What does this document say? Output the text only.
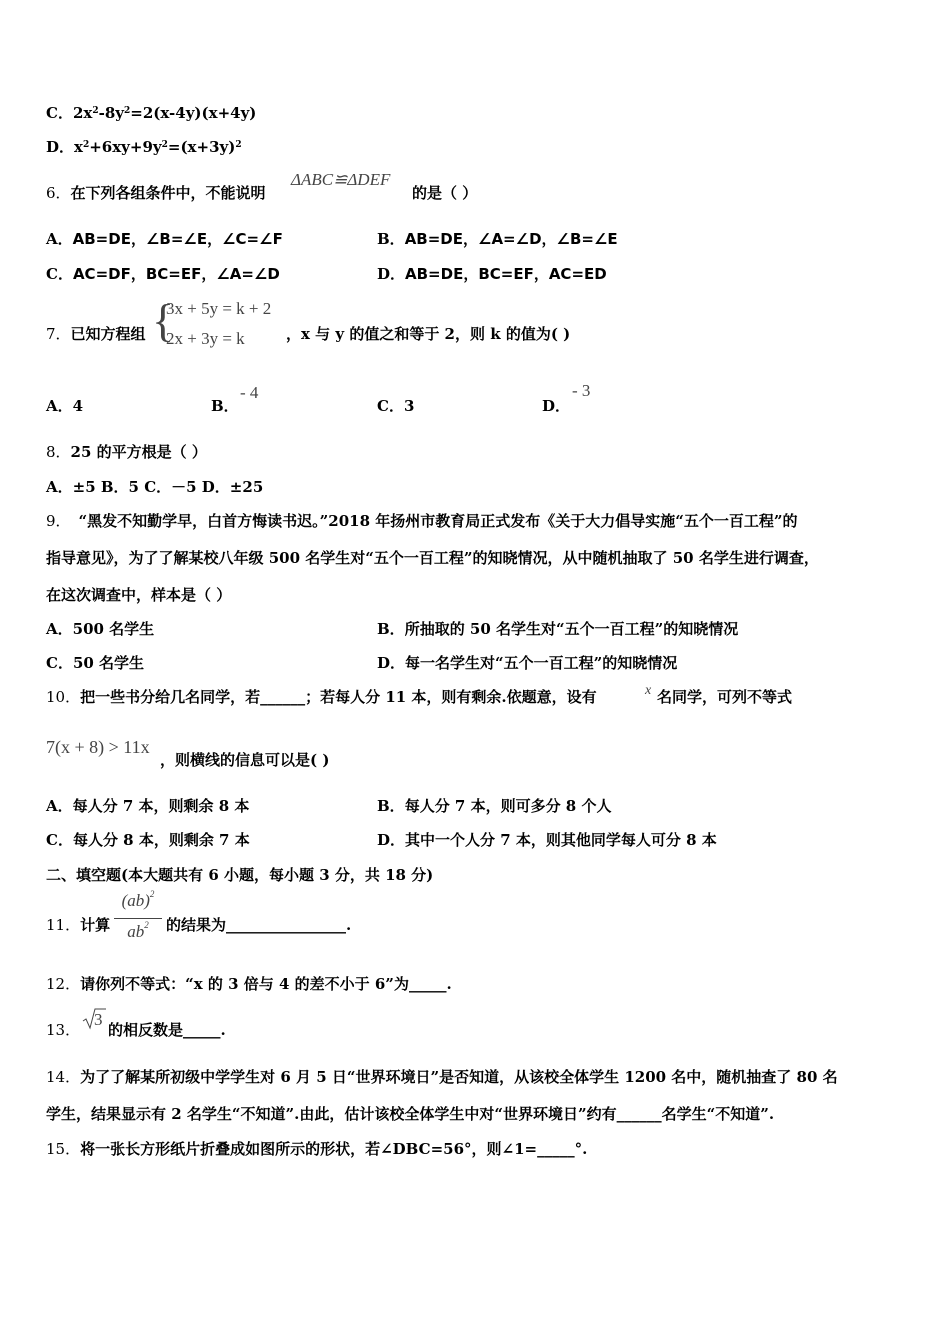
C．$2x^2-8y^2=2(x-4y)(x+4y)$
D．$x^2+6xy+9y^2=(x+3y)^2$
6．在下列各组条件中，不能说明
ΔABC≌ΔDEF
的是（ ）
A．AB=DE，∠B=∠E，∠C=∠F	B．AB=DE，∠A=∠D，∠B=∠E
C．AC=DF，BC=EF，∠A=∠D	D．AB=DE，BC=EF，AC=ED
7．已知方程组 {
3x + 5y = k + 2
2x + 3y = k	，x 与 y 的值之和等于 2，则 k 的值为( )
A．4	B．
- 4
C．3	D．
- 3
8．25 的平方根是（ ）
A．±5 B．5 C．－5 D．±25
9． “黑发不知勤学早，白首方悔读书迟。”2018 年扬州市教育局正式发布《关于大力倡导实施“五个一百工程”的
指导意见》，为了了解某校八年级 500 名学生对“五个一百工程”的知晓情况，从中随机抽取了 50 名学生进行调查，
在这次调查中，样本是（ ）
A．500 名学生	B．所抽取的 50 名学生对“五个一百工程”的知晓情况
C．50 名学生	D．每一名学生对“五个一百工程”的知晓情况
10．把一些书分给几名同学，若______；若每人分 11 本，则有剩余.依题意，设有	x 名同学，可列不等式
7(x + 8) > 11x
，则横线的信息可以是( )
A．每人分 7 本，则剩余 8 本	B．每人分 7 本，则可多分 8 个人
C．每人分 8 本，则剩余 7 本	D．其中一个人分 7 本，则其他同学每人可分 8 本
二、填空题(本大题共有 6 小题，每小题 3 分，共 18 分)
11．计算
(ab)$^2$
$ab^2$	的结果为________________.
12．请你列不等式：“x 的 3 倍与 4 的差不小于 6”为_____.
13．
3
的相反数是_____.
14．为了了解某所初级中学学生对 6 月 5 日“世界环境日”是否知道，从该校全体学生 1200 名中，随机抽查了 80 名
学生，结果显示有 2 名学生“不知道”.由此，估计该校全体学生中对“世界环境日”约有______名学生“不知道”.
15．将一张长方形纸片折叠成如图所示的形状，若∠DBC=56°，则∠1=_____°.
